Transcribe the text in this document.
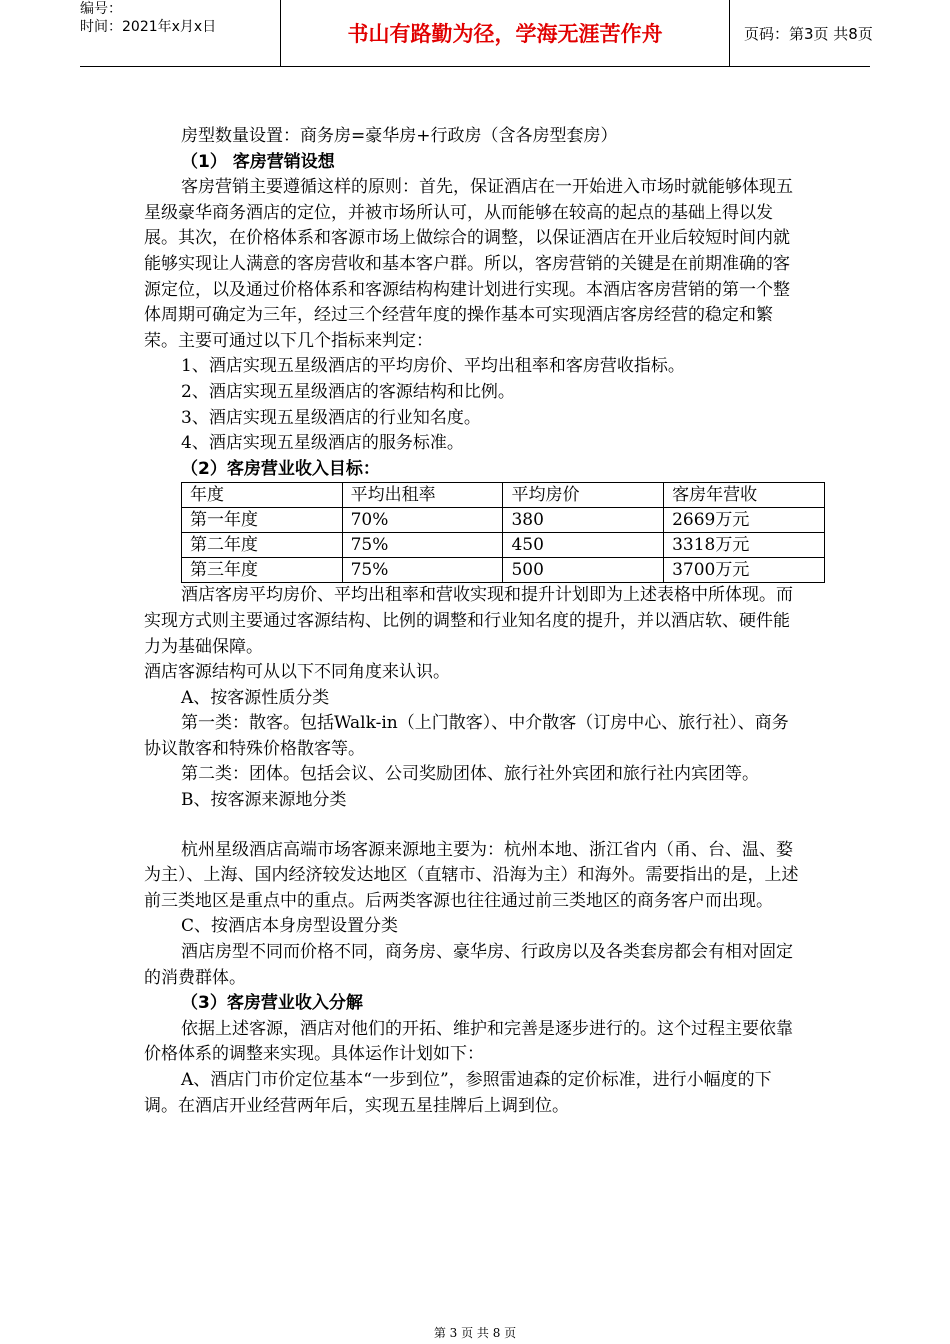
编号：
时间：2021年x月x日	书山有路勤为径，学海无涯苦作舟	页码：第3页 共8页

房型数量设置：商务房=豪华房+行政房（含各房型套房）

（1） 客房营销设想

客房营销主要遵循这样的原则：首先，保证酒店在一开始进入市场时就能够体现五星级豪华商务酒店的定位，并被市场所认可，从而能够在较高的起点的基础上得以发展。其次，在价格体系和客源市场上做综合的调整，以保证酒店在开业后较短时间内就能够实现让人满意的客房营收和基本客户群。所以，客房营销的关键是在前期准确的客源定位，以及通过价格体系和客源结构构建计划进行实现。本酒店客房营销的第一个整体周期可确定为三年，经过三个经营年度的操作基本可实现酒店客房经营的稳定和繁荣。主要可通过以下几个指标来判定：

1、酒店实现五星级酒店的平均房价、平均出租率和客房营收指标。

2、酒店实现五星级酒店的客源结构和比例。

3、酒店实现五星级酒店的行业知名度。

4、酒店实现五星级酒店的服务标准。

（2）客房营业收入目标：

年度	平均出租率	平均房价	客房年营收
第一年度	70%	380	2669万元
第二年度	75%	450	3318万元
第三年度	75%	500	3700万元

酒店客房平均房价、平均出租率和营收实现和提升计划即为上述表格中所体现。而实现方式则主要通过客源结构、比例的调整和行业知名度的提升，并以酒店软、硬件能力为基础保障。

酒店客源结构可从以下不同角度来认识。

A、按客源性质分类

第一类：散客。包括Walk-in（上门散客）、中介散客（订房中心、旅行社）、商务协议散客和特殊价格散客等。

第二类：团体。包括会议、公司奖励团体、旅行社外宾团和旅行社内宾团等。

B、按客源来源地分类

杭州星级酒店高端市场客源来源地主要为：杭州本地、浙江省内（甬、台、温、婺为主）、上海、国内经济较发达地区（直辖市、沿海为主）和海外。需要指出的是，上述前三类地区是重点中的重点。后两类客源也往往通过前三类地区的商务客户而出现。

C、按酒店本身房型设置分类

酒店房型不同而价格不同，商务房、豪华房、行政房以及各类套房都会有相对固定的消费群体。

（3）客房营业收入分解

依据上述客源，酒店对他们的开拓、维护和完善是逐步进行的。这个过程主要依靠价格体系的调整来实现。具体运作计划如下：

A、酒店门市价定位基本“一步到位”，参照雷迪森的定价标准，进行小幅度的下调。在酒店开业经营两年后，实现五星挂牌后上调到位。

第 3 页 共 8 页
